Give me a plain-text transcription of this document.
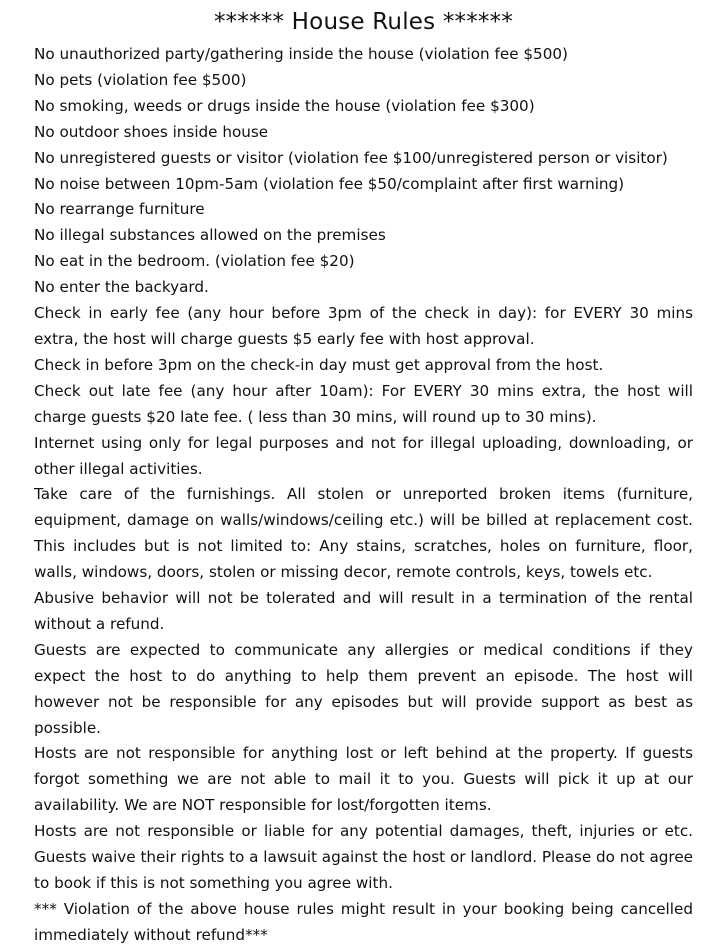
****** House Rules ******

No unauthorized party/gathering inside the house (violation fee $500)

No pets (violation fee $500)

No smoking, weeds or drugs inside the house (violation fee $300)

No outdoor shoes inside house

No unregistered guests or visitor (violation fee $100/unregistered person or visitor)

No noise between 10pm-5am (violation fee $50/complaint after first warning)

No rearrange furniture

No illegal substances allowed on the premises

No eat in the bedroom. (violation fee $20)

No enter the backyard.

Check in early fee (any hour before 3pm of the check in day): for EVERY 30 mins extra, the host will charge guests $5 early fee with host approval.

Check in before 3pm on the check-in day must get approval from the host.

Check out late fee (any hour after 10am): For EVERY 30 mins extra, the host will charge guests $20 late fee. ( less than 30 mins, will round up to 30 mins).

Internet using only for legal purposes and not for illegal uploading, downloading, or other illegal activities.

Take care of the furnishings. All stolen or unreported broken items (furniture, equipment, damage on walls/windows/ceiling etc.) will be billed at replacement cost. This includes but is not limited to: Any stains, scratches, holes on furniture, floor, walls, windows, doors, stolen or missing decor, remote controls, keys, towels etc.

Abusive behavior will not be tolerated and will result in a termination of the rental without a refund.

Guests are expected to communicate any allergies or medical conditions if they expect the host to do anything to help them prevent an episode. The host will however not be responsible for any episodes but will provide support as best as possible.

Hosts are not responsible for anything lost or left behind at the property. If guests forgot something we are not able to mail it to you. Guests will pick it up at our availability. We are NOT responsible for lost/forgotten items.

Hosts are not responsible or liable for any potential damages, theft, injuries or etc. Guests waive their rights to a lawsuit against the host or landlord. Please do not agree to book if this is not something you agree with.

*** Violation of the above house rules might result in your booking being cancelled immediately without refund***
